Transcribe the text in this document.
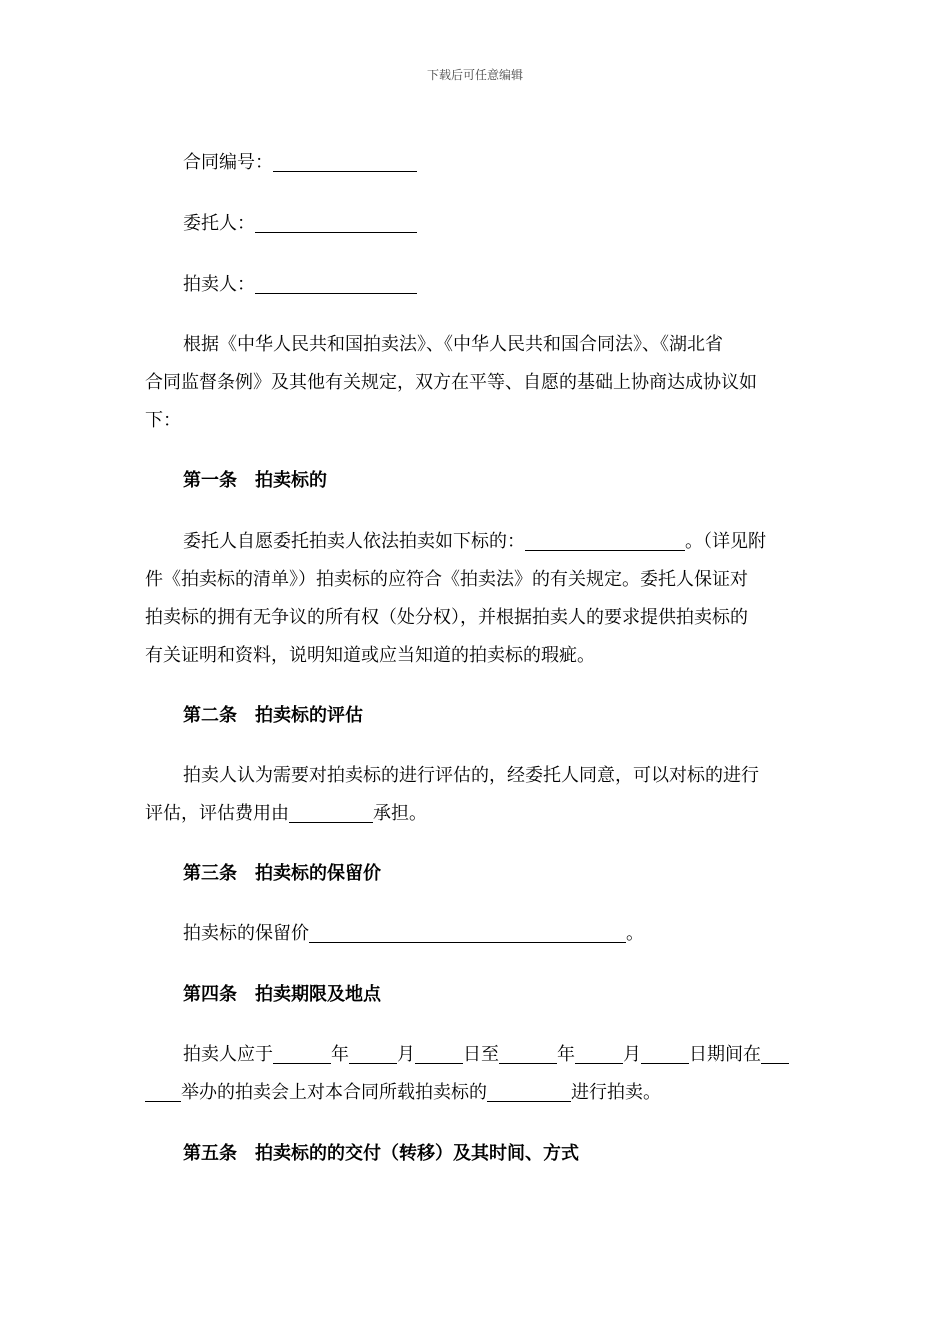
下载后可任意编辑
合同编号：
委托人：
拍卖人：
根据《中华人民共和国拍卖法》、《中华人民共和国合同法》、《湖北省
合同监督条例》及其他有关规定，双方在平等、自愿的基础上协商达成协议如
下：
第一条 拍卖标的
委托人自愿委托拍卖人依法拍卖如下标的：	。（详见附
件《拍卖标的清单》）拍卖标的应符合《拍卖法》的有关规定。委托人保证对
拍卖标的拥有无争议的所有权（处分权），并根据拍卖人的要求提供拍卖标的
有关证明和资料，说明知道或应当知道的拍卖标的瑕疵。
第二条 拍卖标的评估
拍卖人认为需要对拍卖标的进行评估的，经委托人同意，可以对标的进行
评估，评估费用由	承担。
第三条 拍卖标的保留价
拍卖标的保留价	。
第四条 拍卖期限及地点
拍卖人应于	年	月	日至	年	月	日期间在
举办的拍卖会上对本合同所载拍卖标的	进行拍卖。
第五条 拍卖标的的交付（转移）及其时间、方式
